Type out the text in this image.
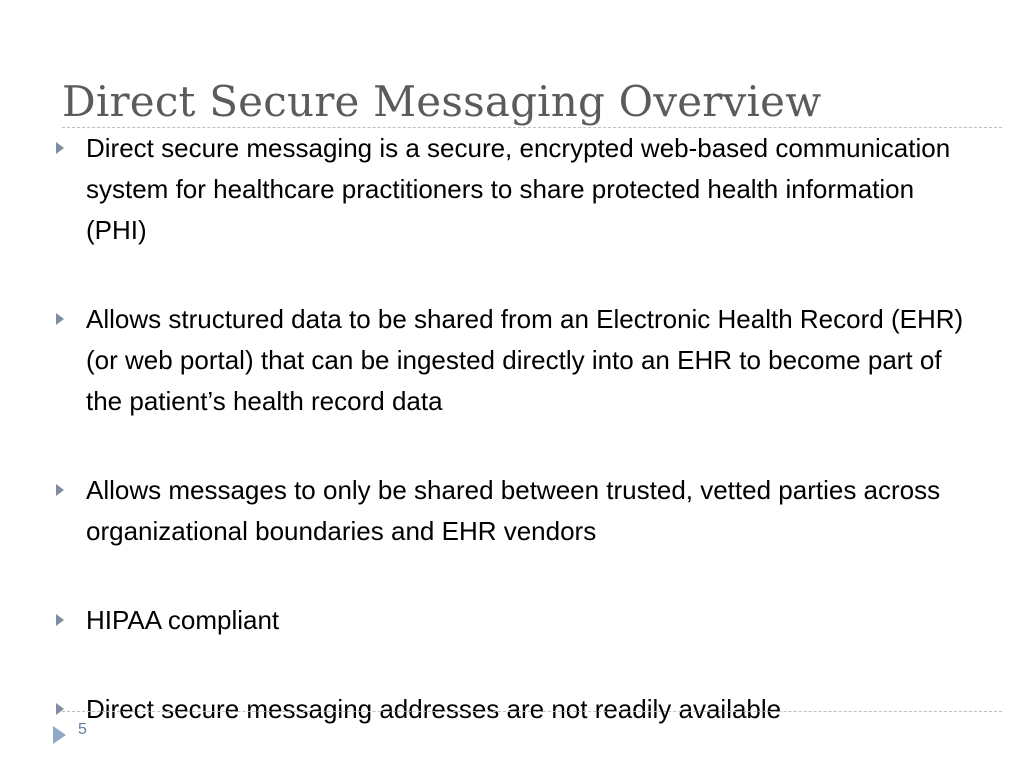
Direct Secure Messaging Overview
Direct secure messaging is a secure, encrypted web-based communication system for healthcare practitioners to share protected health information (PHI)
Allows structured data to be shared from an Electronic Health Record (EHR) (or web portal) that can be ingested directly into an EHR to become part of the patient’s health record data
Allows messages to only be shared between trusted, vetted parties across organizational boundaries and EHR vendors
HIPAA compliant
Direct secure messaging addresses are not readily available
5
